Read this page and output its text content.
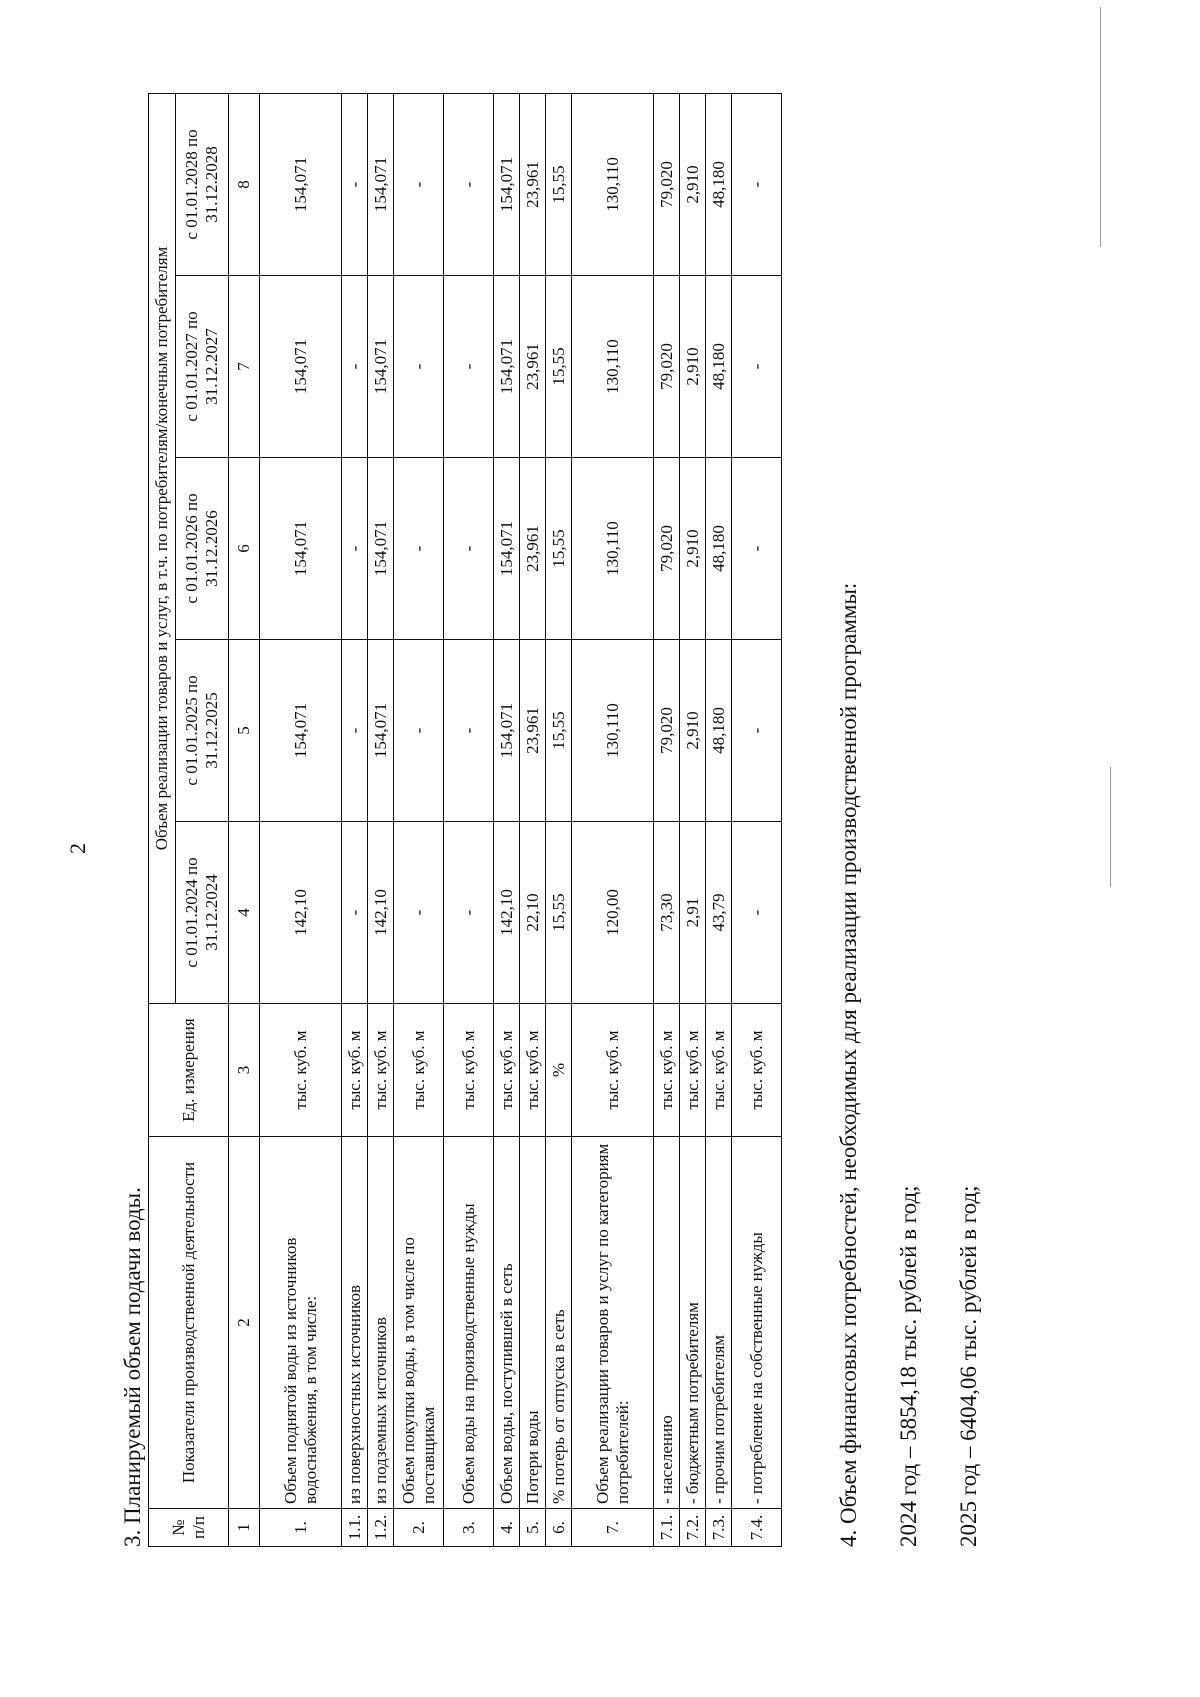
2
3. Планируемый объем подачи воды. № п/п	Показатели производственной деятельности	Ед. измерения	Объем реализации товаров и услуг, в т.ч. по потребителям/конечным потребителям				
			с 01.01.2024 по 31.12.2024	с 01.01.2025 по 31.12.2025	с 01.01.2026 по 31.12.2026	с 01.01.2027 по 31.12.2027	с 01.01.2028 по 31.12.2028
1	2	3	4	5	6	7	8
1.	Объем поднятой воды из источников водоснабжения, в том числе:	тыс. куб. м	142,10	154,071	154,071	154,071	154,071
1.1.	из поверхностных источников	тыс. куб. м	-	-	-	-	-
1.2.	из подземных источников	тыс. куб. м	142,10	154,071	154,071	154,071	154,071
2.	Объем покупки воды, в том числе по поставщикам	тыс. куб. м	-	-	-	-	-
3.	Объем воды на производственные нужды	тыс. куб. м	-	-	-	-	-
4.	Объем воды, поступившей в сеть	тыс. куб. м	142,10	154,071	154,071	154,071	154,071
5.	Потери воды	тыс. куб. м	22,10	23,961	23,961	23,961	23,961
6.	% потерь от отпуска в сеть	%	15,55	15,55	15,55	15,55	15,55
7.	Объем реализации товаров и услуг по категориям потребителей:	тыс. куб. м	120,00	130,110	130,110	130,110	130,110
7.1.	- населению	тыс. куб. м	73,30	79,020	79,020	79,020	79,020
7.2.	- бюджетным потребителям	тыс. куб. м	2,91	2,910	2,910	2,910	2,910
7.3.	- прочим потребителям	тыс. куб. м	43,79	48,180	48,180	48,180	48,180
7.4.	- потребление на собственные нужды	тыс. куб. м	-	-	-	-	-
4. Объем финансовых потребностей, необходимых для реализации производственной программы: 2024 год – 5854,18 тыс. рублей в год; 2025 год – 6404,06 тыс. рублей в год;
